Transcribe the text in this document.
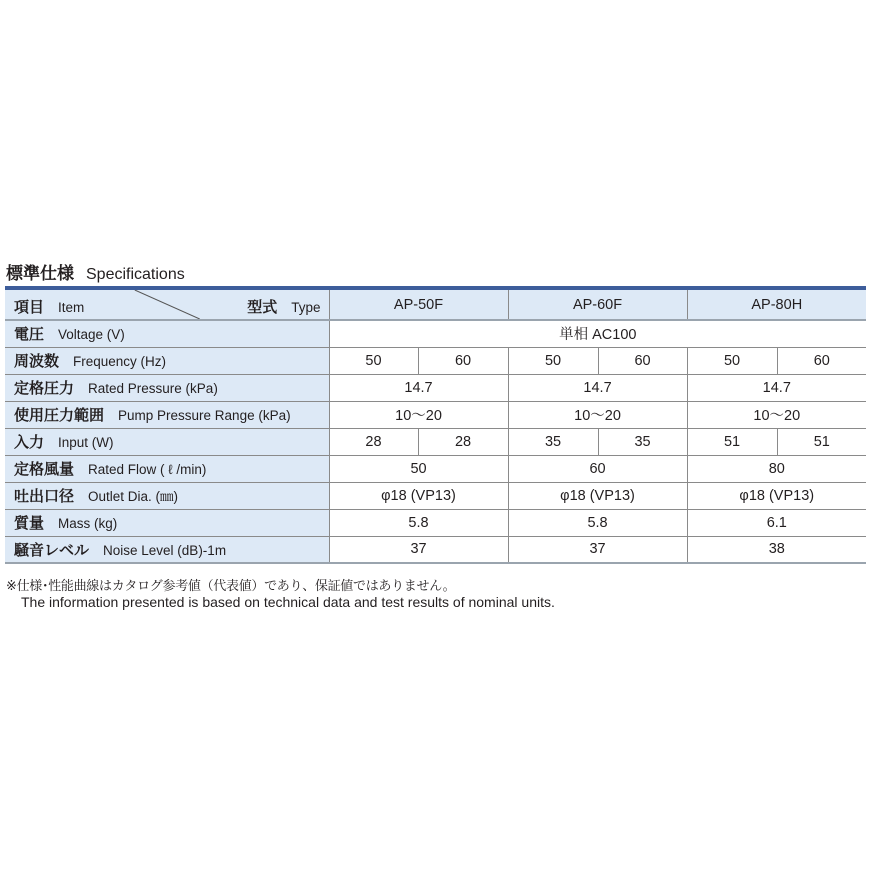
標準仕様 Specifications
項目 Item 型式 Type	AP-50F		AP-60F		AP-80H	
電圧 Voltage (V)	単相 AC100					
周波数 Frequency (Hz)	50	60	50	60	50	60
定格圧力 Rated Pressure (kPa)	14.7		14.7		14.7	
使用圧力範囲 Pump Pressure Range (kPa)	10～20		10～20		10～20	
入力 Input (W)	28	28	35	35	51	51
定格風量 Rated Flow ( ℓ /min)	50		60		80	
吐出口径 Outlet Dia. (㎜)	φ18 (VP13)		φ18 (VP13)		φ18 (VP13)	
質量 Mass (kg)	5.8		5.8		6.1	
騒音レベル Noise Level (dB)-1m	37		37		38	
※仕様･性能曲線はカタログ参考値（代表値）であり、保証値ではありません。
The information presented is based on technical data and test results of nominal units.
